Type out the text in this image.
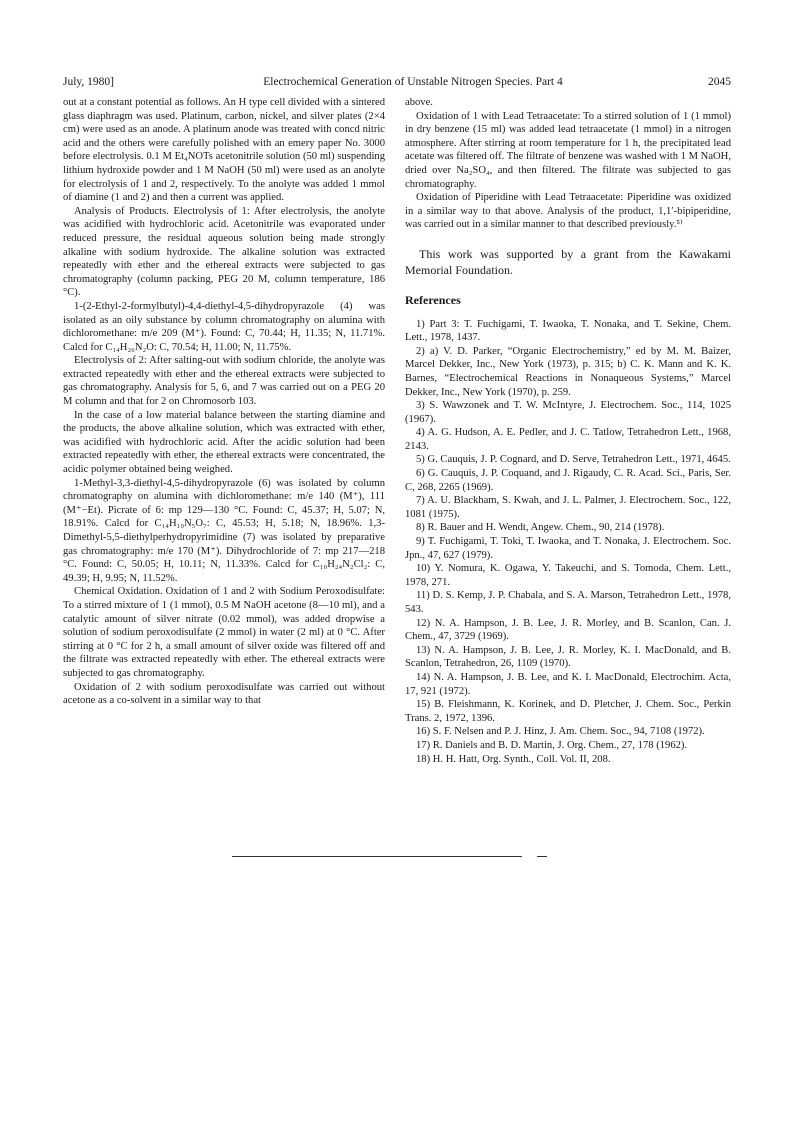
July, 1980]	Electrochemical Generation of Unstable Nitrogen Species. Part 4	2045

out at a constant potential as follows. An H type cell divided with a sintered glass diaphragm was used. Platinum, carbon, nickel, and silver plates (2×4 cm) were used as an anode. A platinum anode was treated with concd nitric acid and the others were carefully polished with an emery paper No. 3000 before electrolysis. 0.1 M Et₄NOTs acetonitrile solution (50 ml) suspending lithium hydroxide powder and 1 M NaOH (50 ml) were used as an anolyte for electrolysis of 1 and 2, respectively. To the anolyte was added 1 mmol of diamine (1 and 2) and then a current was applied.

Analysis of Products. Electrolysis of 1: After electrolysis, the anolyte was acidified with hydrochloric acid. Acetonitrile was evaporated under reduced pressure, the residual aqueous solution being made strongly alkaline with sodium hydroxide. The alkaline solution was extracted repeatedly with ether and the ethereal extracts were subjected to gas chromatography (column packing, PEG 20 M, column temperature, 186 °C).

1-(2-Ethyl-2-formylbutyl)-4,4-diethyl-4,5-dihydropyrazole (4) was isolated as an oily substance by column chromatography on alumina with dichloromethane: m/e 209 (M⁺). Found: C, 70.44; H, 11.35; N, 11.71%. Calcd for C₁₄H₂₆N₂O: C, 70.54; H, 11.00; N, 11.75%.

Electrolysis of 2: After salting-out with sodium chloride, the anolyte was extracted repeatedly with ether and the ethereal extracts were subjected to gas chromatography. Analysis for 5, 6, and 7 was carried out on a PEG 20 M column and that for 2 on Chromosorb 103.

In the case of a low material balance between the starting diamine and the products, the above alkaline solution, which was extracted with ether, was acidified with hydrochloric acid. After the acidic solution had been extracted repeatedly with ether, the ethereal extracts were concentrated, the acidic polymer obtained being weighed.

1-Methyl-3,3-diethyl-4,5-dihydropyrazole (6) was isolated by column chromatography on alumina with dichloromethane: m/e 140 (M⁺), 111 (M⁺−Et). Picrate of 6: mp 129—130 °C. Found: C, 45.37; H, 5.07; N, 18.91%. Calcd for C₁₄H₁₉N₅O₇: C, 45.53; H, 5.18; N, 18.96%. 1,3-Dimethyl-5,5-diethylperhydropyrimidine (7) was isolated by preparative gas chromatography: m/e 170 (M⁺). Dihydrochloride of 7: mp 217—218 °C. Found: C, 50.05; H, 10.11; N, 11.33%. Calcd for C₁₀H₂₄N₂Cl₂: C, 49.39; H, 9.95; N, 11.52%.

Chemical Oxidation. Oxidation of 1 and 2 with Sodium Peroxodisulfate: To a stirred mixture of 1 (1 mmol), 0.5 M NaOH acetone (8—10 ml), and a catalytic amount of silver nitrate (0.02 mmol), was added dropwise a solution of sodium peroxodisulfate (2 mmol) in water (2 ml) at 0 °C. After stirring at 0 °C for 2 h, a small amount of silver oxide was filtered off and the filtrate was extracted repeatedly with ether. The ethereal extracts were subjected to gas chromatography.

Oxidation of 2 with sodium peroxodisulfate was carried out without acetone as a co-solvent in a similar way to that

above.

Oxidation of 1 with Lead Tetraacetate: To a stirred solution of 1 (1 mmol) in dry benzene (15 ml) was added lead tetraacetate (1 mmol) in a nitrogen atmosphere. After stirring at room temperature for 1 h, the precipitated lead acetate was filtered off. The filtrate of benzene was washed with 1 M NaOH, dried over Na₂SO₄, and then filtered. The filtrate was subjected to gas chromatography.

Oxidation of Piperidine with Lead Tetraacetate: Piperidine was oxidized in a similar way to that above. Analysis of the product, 1,1′-bipiperidine, was carried out in a similar manner to that described previously.⁵⁾

This work was supported by a grant from the Kawakami Memorial Foundation.

References

1) Part 3: T. Fuchigami, T. Iwaoka, T. Nonaka, and T. Sekine, Chem. Lett., 1978, 1437.

2) a) V. D. Parker, “Organic Electrochemistry,” ed by M. M. Baizer, Marcel Dekker, Inc., New York (1973), p. 315; b) C. K. Mann and K. K. Barnes, “Electrochemical Reactions in Nonaqueous Systems,” Marcel Dekker, Inc., New York (1970), p. 259.

3) S. Wawzonek and T. W. McIntyre, J. Electrochem. Soc., 114, 1025 (1967).

4) A. G. Hudson, A. E. Pedler, and J. C. Tatlow, Tetrahedron Lett., 1968, 2143.

5) G. Cauquis, J. P. Cognard, and D. Serve, Tetrahedron Lett., 1971, 4645.

6) G. Cauquis, J. P. Coquand, and J. Rigaudy, C. R. Acad. Sci., Paris, Ser. C, 268, 2265 (1969).

7) A. U. Blackham, S. Kwah, and J. L. Palmer, J. Electrochem. Soc., 122, 1081 (1975).

8) R. Bauer and H. Wendt, Angew. Chem., 90, 214 (1978).

9) T. Fuchigami, T. Toki, T. Iwaoka, and T. Nonaka, J. Electrochem. Soc. Jpn., 47, 627 (1979).

10) Y. Nomura, K. Ogawa, Y. Takeuchi, and S. Tomoda, Chem. Lett., 1978, 271.

11) D. S. Kemp, J. P. Chabala, and S. A. Marson, Tetrahedron Lett., 1978, 543.

12) N. A. Hampson, J. B. Lee, J. R. Morley, and B. Scanlon, Can. J. Chem., 47, 3729 (1969).

13) N. A. Hampson, J. B. Lee, J. R. Morley, K. I. MacDonald, and B. Scanlon, Tetrahedron, 26, 1109 (1970).

14) N. A. Hampson, J. B. Lee, and K. I. MacDonald, Electrochim. Acta, 17, 921 (1972).

15) B. Fleishmann, K. Korinek, and D. Pletcher, J. Chem. Soc., Perkin Trans. 2, 1972, 1396.

16) S. F. Nelsen and P. J. Hinz, J. Am. Chem. Soc., 94, 7108 (1972).

17) R. Daniels and B. D. Martin, J. Org. Chem., 27, 178 (1962).

18) H. H. Hatt, Org. Synth., Coll. Vol. II, 208.
